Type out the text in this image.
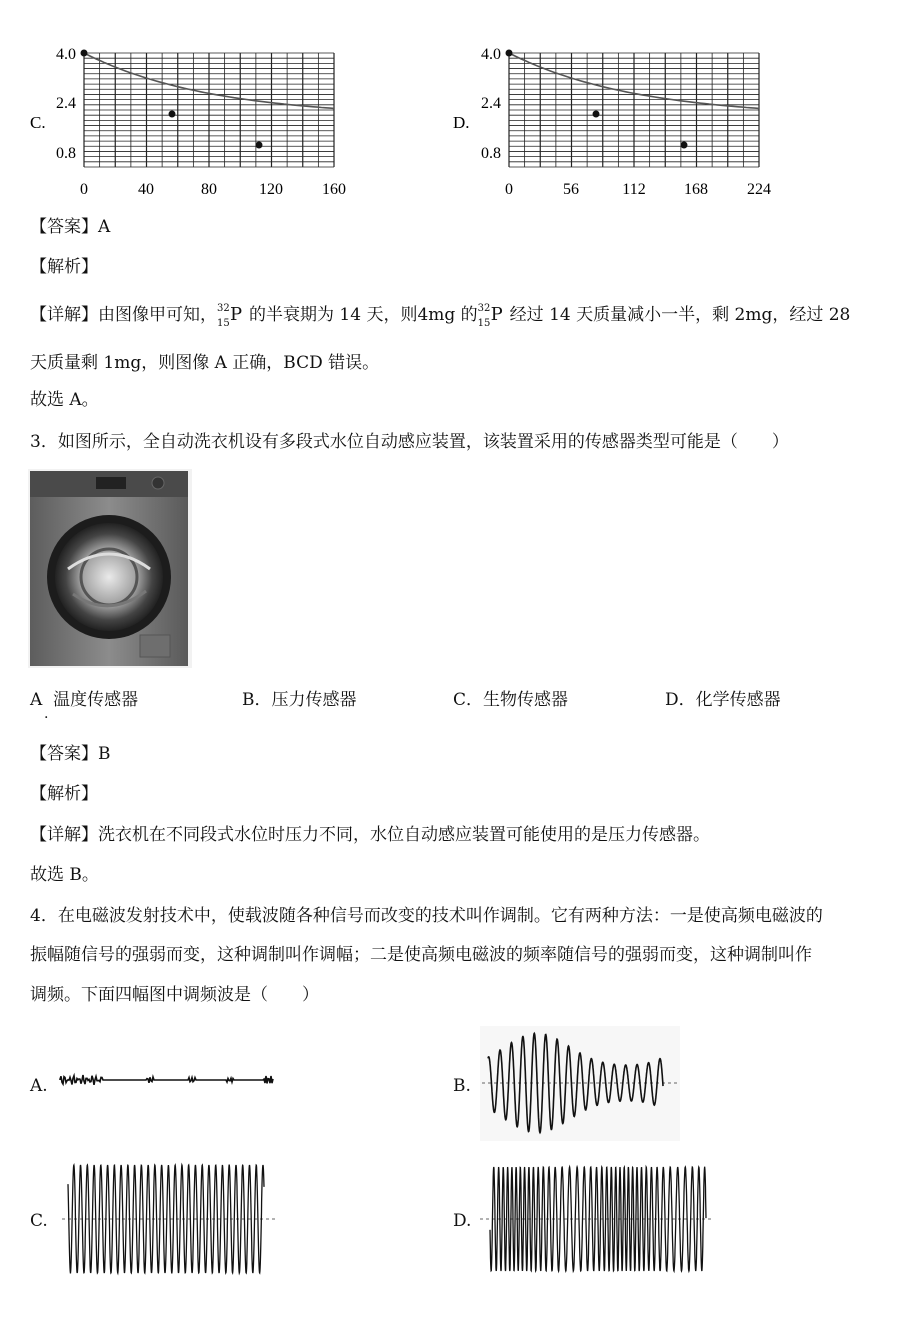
4.0
2.4
0.8
0	40	80	120 160
C.
4.0
2.4
0.8
0	56	112 168 224
D.
【答案】A
【解析】
【详解】由图像甲可知， 32
15 P 的半衰期为 14 天，则4mg 的 32
15 P 经过 14 天质量减小一半，剩 2mg，经过 28
天质量剩 1mg，则图像 A 正确，BCD 错误。
故选 A。
3．如图所示，全自动洗衣机设有多段式水位自动感应装置，该装置采用的传感器类型可能是（　　）
A 温度传感器
.
B．压力传感器	C．生物传感器	D．化学传感器
【答案】B
【解析】
【详解】洗衣机在不同段式水位时压力不同，水位自动感应装置可能使用的是压力传感器。
故选 B。
4．在电磁波发射技术中，使载波随各种信号而改变的技术叫作调制。它有两种方法：一是使高频电磁波的
振幅随信号的强弱而变，这种调制叫作调幅；二是使高频电磁波的频率随信号的强弱而变，这种调制叫作
调频。下面四幅图中调频波是（　　）
A.	B.
C.	D.
